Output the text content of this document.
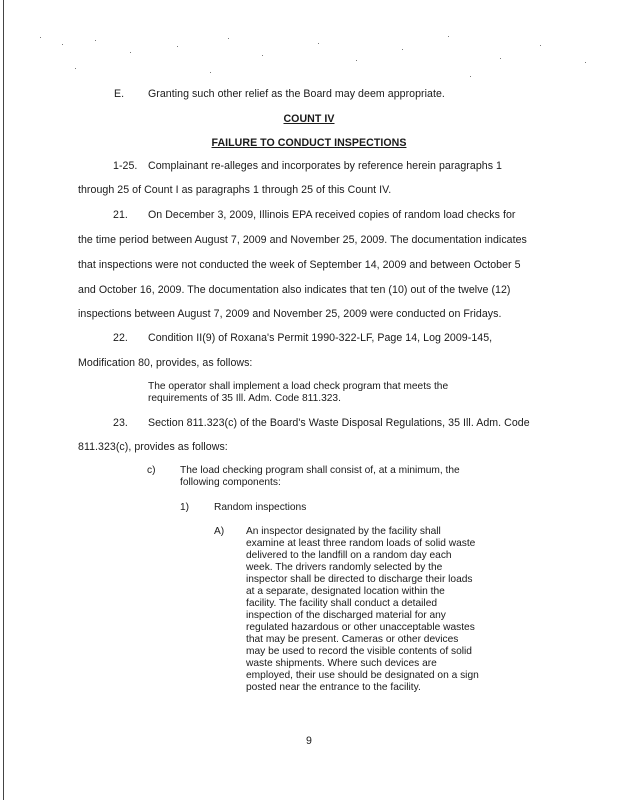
E. Granting such other relief as the Board may deem appropriate.
COUNT IV
FAILURE TO CONDUCT INSPECTIONS
1-25. Complainant re-alleges and incorporates by reference herein paragraphs 1
through 25 of Count I as paragraphs 1 through 25 of this Count IV.
21. On December 3, 2009, Illinois EPA received copies of random load checks for
the time period between August 7, 2009 and November 25, 2009. The documentation indicates
that inspections were not conducted the week of September 14, 2009 and between October 5
and October 16, 2009. The documentation also indicates that ten (10) out of the twelve (12)
inspections between August 7, 2009 and November 25, 2009 were conducted on Fridays.
22. Condition II(9) of Roxana's Permit 1990-322-LF, Page 14, Log 2009-145,
Modification 80, provides, as follows:
The operator shall implement a load check program that meets the
requirements of 35 Ill. Adm. Code 811.323.
23. Section 811.323(c) of the Board's Waste Disposal Regulations, 35 Ill. Adm. Code
811.323(c), provides as follows:
c) The load checking program shall consist of, at a minimum, the
following components:
1) Random inspections
A) An inspector designated by the facility shall
examine at least three random loads of solid waste
delivered to the landfill on a random day each
week. The drivers randomly selected by the
inspector shall be directed to discharge their loads
at a separate, designated location within the
facility. The facility shall conduct a detailed
inspection of the discharged material for any
regulated hazardous or other unacceptable wastes
that may be present. Cameras or other devices
may be used to record the visible contents of solid
waste shipments. Where such devices are
employed, their use should be designated on a sign
posted near the entrance to the facility.
9
